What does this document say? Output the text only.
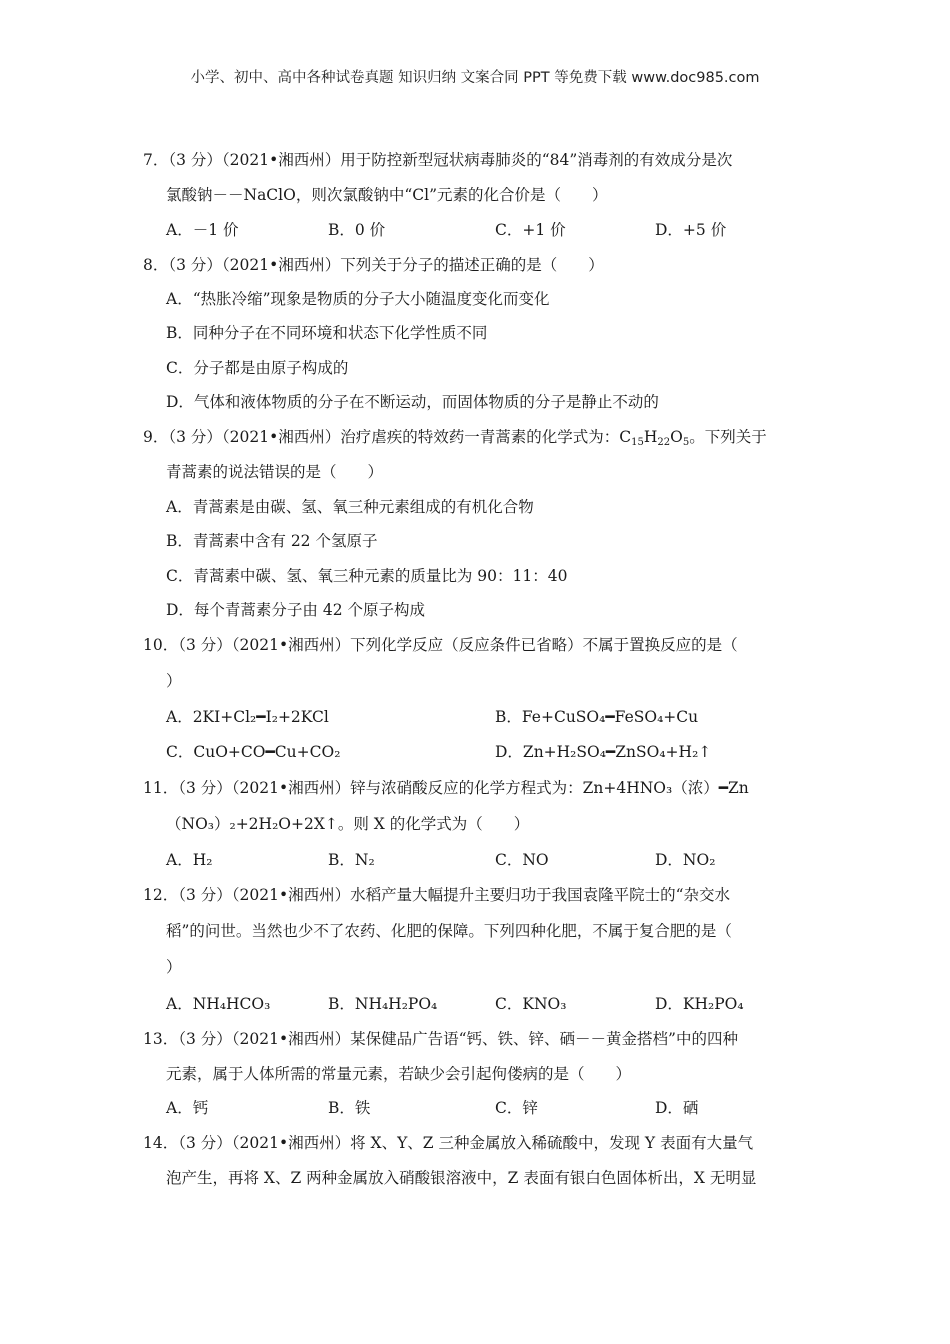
小学、初中、高中各种试卷真题 知识归纳 文案合同 PPT 等免费下载 www.doc985.com
7．（3 分）（2021•湘西州）用于防控新型冠状病毒肺炎的“84”消毒剂的有效成分是次
氯酸钠－－NaClO，则次氯酸钠中“Cl”元素的化合价是（　　）
A．－1 价	B．0 价	C．+1 价	D．+5 价
8．（3 分）（2021•湘西州）下列关于分子的描述正确的是（　　）
A．“热胀冷缩”现象是物质的分子大小随温度变化而变化
B．同种分子在不同环境和状态下化学性质不同
C．分子都是由原子构成的
D．气体和液体物质的分子在不断运动，而固体物质的分子是静止不动的
9．（3 分）（2021•湘西州）治疗虐疾的特效药一青蒿素的化学式为：$C_{15}H_{22}O_5$。下列关于
青蒿素的说法错误的是（　　）
A．青蒿素是由碳、氢、氧三种元素组成的有机化合物
B．青蒿素中含有 22 个氢原子
C．青蒿素中碳、氢、氧三种元素的质量比为 90：11：40
D．每个青蒿素分子由 42 个原子构成
10．（3 分）（2021•湘西州）下列化学反应（反应条件已省略）不属于置换反应的是（
）
A．2KI+Cl₂━I₂+2KCl	B．Fe+CuSO₄━FeSO₄+Cu
C．CuO+CO━Cu+CO₂	D．Zn+H₂SO₄━ZnSO₄+H₂↑
11．（3 分）（2021•湘西州）锌与浓硝酸反应的化学方程式为：Zn+4HNO₃（浓）━Zn
（NO₃）₂+2H₂O+2X↑。则 X 的化学式为（　　）
A．H₂	B．N₂	C．NO	D．NO₂
12．（3 分）（2021•湘西州）水稻产量大幅提升主要归功于我国袁隆平院士的“杂交水
稻”的问世。当然也少不了农药、化肥的保障。下列四种化肥，不属于复合肥的是（
）
A．NH₄HCO₃	B．NH₄H₂PO₄	C．KNO₃	D．KH₂PO₄
13．（3 分）（2021•湘西州）某保健品广告语“钙、铁、锌、硒－－黄金搭档”中的四种
元素，属于人体所需的常量元素，若缺少会引起佝偻病的是（　　）
A．钙	B．铁	C．锌	D．硒
14．（3 分）（2021•湘西州）将 X、Y、Z 三种金属放入稀硫酸中，发现 Y 表面有大量气
泡产生，再将 X、Z 两种金属放入硝酸银溶液中，Z 表面有银白色固体析出，X 无明显
